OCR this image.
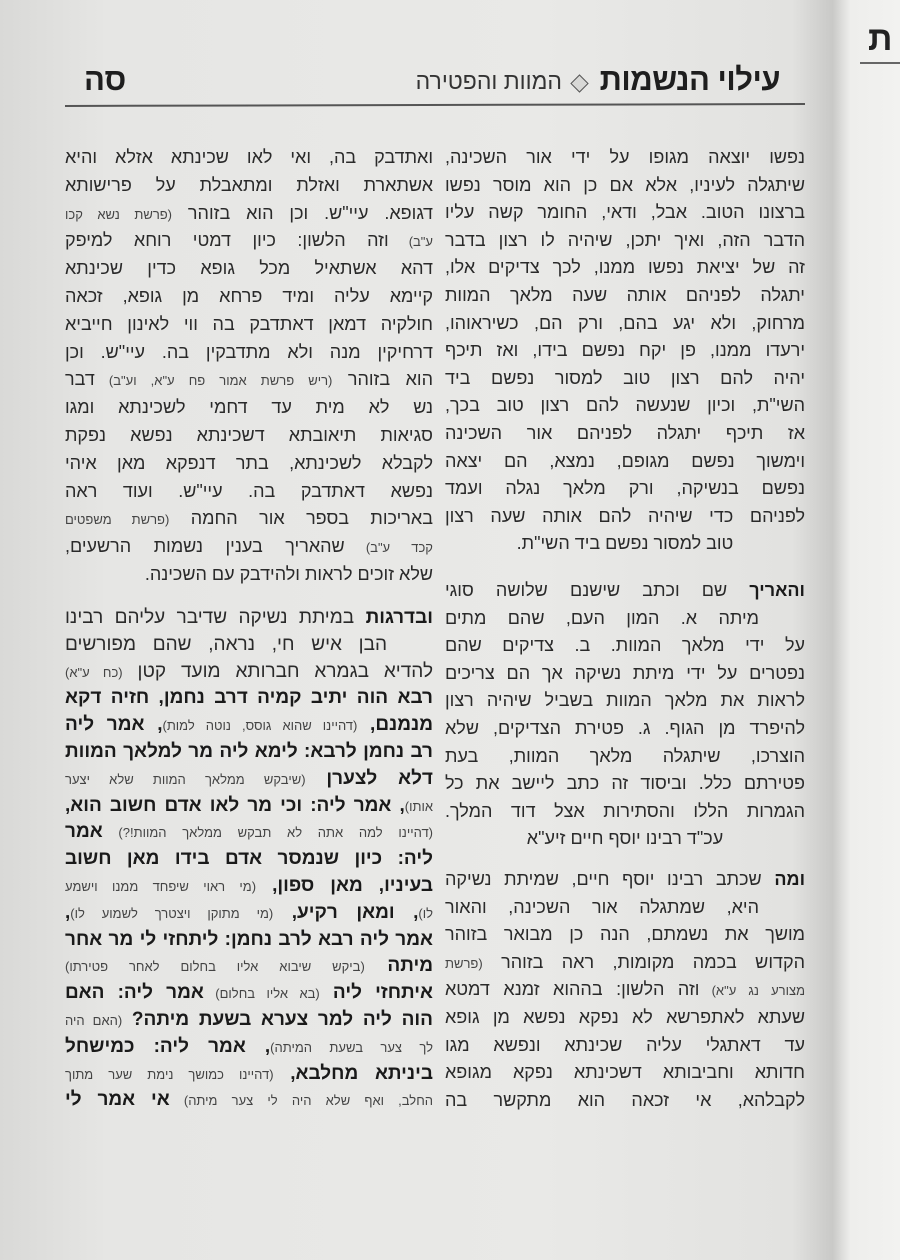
עילוי הנשמות
המוות והפטירה
סה
נפשו יוצאה מגופו על ידי אור השכינה,
שיתגלה לעיניו, אלא אם כן הוא מוסר נפשו
ברצונו הטוב. אבל, ודאי, החומר קשה עליו
הדבר הזה, ואיך יתכן, שיהיה לו רצון בדבר
זה של יציאת נפשו ממנו, לכך צדיקים אלו,
יתגלה לפניהם אותה שעה מלאך המוות
מרחוק, ולא יגע בהם, ורק הם, כשיראוהו,
ירעדו ממנו, פן יקח נפשם בידו, ואז תיכף
יהיה להם רצון טוב למסור נפשם ביד
השי"ת, וכיון שנעשה להם רצון טוב בכך,
אז תיכף יתגלה לפניהם אור השכינה
וימשוך נפשם מגופם, נמצא, הם יצאה
נפשם בנשיקה, ורק מלאך נגלה ועמד
לפניהם כדי שיהיה להם אותה שעה רצון
טוב למסור נפשם ביד השי"ת.
והאריך שם וכתב שישנם שלושה סוגי
מיתה א. המון העם, שהם מתים
על ידי מלאך המוות. ב. צדיקים שהם
נפטרים על ידי מיתת נשיקה אך הם צריכים
לראות את מלאך המוות בשביל שיהיה רצון
להיפרד מן הגוף. ג. פטירת הצדיקים, שלא
הוצרכו, שיתגלה מלאך המוות, בעת
פטירתם כלל. וביסוד זה כתב ליישב את כל
הגמרות הללו והסתירות אצל דוד המלך.
עכ"ד רבינו יוסף חיים זיע"א
ומה שכתב רבינו יוסף חיים, שמיתת נשיקה
היא, שמתגלה אור השכינה, והאור
מושך את נשמתם, הנה כן מבואר בזוהר
הקדוש בכמה מקומות, ראה בזוהר (פרשת
מצורע נג ע"א) וזה הלשון: בההוא זמנא דמטא
שעתא לאתפרשא לא נפקא נפשא מן גופא
עד דאתגלי עליה שכינתא ונפשא מגו
חדותא וחביבותא דשכינתא נפקא מגופא
לקבלהא, אי זכאה הוא מתקשר בה
ואתדבק בה, ואי לאו שכינתא אזלא והיא
אשתארת ואזלת ומתאבלת על פרישותא
דגופא. עיי"ש. וכן הוא בזוהר (פרשת נשא קכו
ע"ב) וזה הלשון: כיון דמטי רוחא למיפק
דהא אשתאיל מכל גופא כדין שכינתא
קיימא עליה ומיד פרחא מן גופא, זכאה
חולקיה דמאן דאתדבק בה ווי לאינון חייביא
דרחיקין מנה ולא מתדבקין בה. עיי"ש. וכן
הוא בזוהר (ריש פרשת אמור פח ע"א, וע"ב) דבר
נש לא מית עד דחמי לשכינתא ומגו
סגיאות תיאובתא דשכינתא נפשא נפקת
לקבלא לשכינתא, בתר דנפקא מאן איהי
נפשא דאתדבק בה. עיי"ש. ועוד ראה
באריכות בספר אור החמה (פרשת משפטים
קכד ע"ב) שהאריך בענין נשמות הרשעים,
שלא זוכים לראות ולהידבק עם השכינה.
ובדרגות במיתת נשיקה שדיבר עליהם רבינו
הבן איש חי, נראה, שהם מפורשים
להדיא בגמרא חברותא מועד קטן (כח ע"א)
רבא הוה יתיב קמיה דרב נחמן, חזיה דקא
מנמנם, (דהיינו שהוא גוסס, נוטה למות), אמר ליה
רב נחמן לרבא: לימא ליה מר למלאך המוות
דלא לצערן (שיבקש ממלאך המוות שלא יצער
אותו), אמר ליה: וכי מר לאו אדם חשוב הוא,
(דהיינו למה אתה לא תבקש ממלאך המוות!?) אמר
ליה: כיון שנמסר אדם בידו מאן חשוב
בעיניו, מאן ספון, (מי ראוי שיפחד ממנו וישמע
לו), ומאן רקיע, (מי מתוקן ויצטרך לשמוע לו),
אמר ליה רבא לרב נחמן: ליתחזי לי מר אחר
מיתה (ביקש שיבוא אליו בחלום לאחר פטירתו)
איתחזי ליה (בא אליו בחלום) אמר ליה: האם
הוה ליה למר צערא בשעת מיתה? (האם היה
לך צער בשעת המיתה), אמר ליה: כמישחל
ביניתא מחלבא, (דהיינו כמושך נימת שער מתוך
החלב, ואף שלא היה לי צער מיתה) אי אמר לי
ת
